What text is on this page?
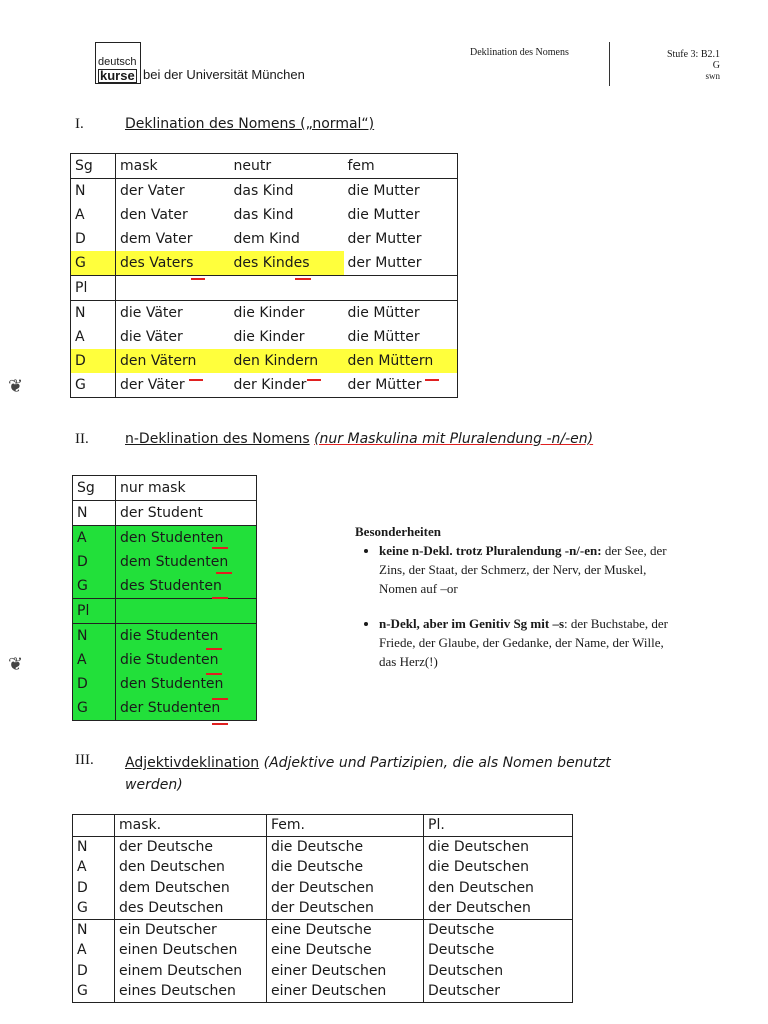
deutsch
kurse bei der Universität München
Deklination des Nomens	Stufe 3: B2.1
G
swn
I.	Deklination des Nomens („normal“)
Sg	mask	neutr	fem
N	der Vater	das Kind	die Mutter
A	den Vater	das Kind	die Mutter
D	dem Vater	dem Kind	der Mutter
G	des Vaters	des Kindes	der Mutter
Pl			
N	die Väter	die Kinder	die Mütter
A	die Väter	die Kinder	die Mütter
D	den Vätern	den Kindern	den Müttern
G	der Väter	der Kinder	der Mütter
❦
❦
II.	n-Deklination des Nomens (nur Maskulina mit Pluralendung -n/-en)
Sg	nur mask
N	der Student
A	den Studenten
D	dem Studenten
G	des Studenten
Pl	
N	die Studenten
A	die Studenten
D	den Studenten
G	der Studenten
Besonderheiten
• keine n-Dekl. trotz Pluralendung -n/-en: der See, der Zins, der Staat, der Schmerz, der Nerv, der Muskel, Nomen auf –or
• n-Dekl, aber im Genitiv Sg mit –s: der Buchstabe, der Friede, der Glaube, der Gedanke, der Name, der Wille, das Herz(!)
III. Adjektivdeklination (Adjektive und Partizipien, die als Nomen benutzt
werden)
	mask.	Fem.	Pl.
N	der Deutsche	die Deutsche	die Deutschen
A	den Deutschen	die Deutsche	die Deutschen
D	dem Deutschen	der Deutschen	den Deutschen
G	des Deutschen	der Deutschen	der Deutschen
N	ein Deutscher	eine Deutsche	Deutsche
A	einen Deutschen	eine Deutsche	Deutsche
D	einem Deutschen	einer Deutschen	Deutschen
G	eines Deutschen	einer Deutschen	Deutscher
